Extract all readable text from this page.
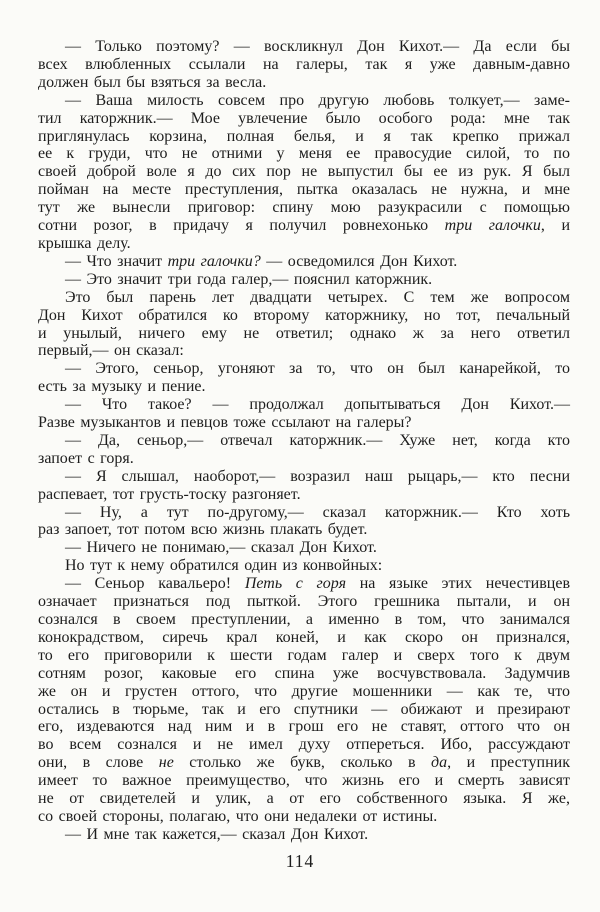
— Только поэтому? — воскликнул Дон Кихот.— Да если бы
всех влюбленных ссылали на галеры, так я уже давным-давно
должен был бы взяться за весла.
— Ваша милость совсем про другую любовь толкует,— заме-
тил каторжник.— Мое увлечение было особого рода: мне так
приглянулась корзина, полная белья, и я так крепко прижал
ее к груди, что не отними у меня ее правосудие силой, то по
своей доброй воле я до сих пор не выпустил бы ее из рук. Я был
пойман на месте преступления, пытка оказалась не нужна, и мне
тут же вынесли приговор: спину мою разукрасили с помощью
сотни розог, в придачу я получил ровнехонько три галочки, и
крышка делу.
— Что значит три галочки? — осведомился Дон Кихот.
— Это значит три года галер,— пояснил каторжник.
Это был парень лет двадцати четырех. С тем же вопросом
Дон Кихот обратился ко второму каторжнику, но тот, печальный
и унылый, ничего ему не ответил; однако ж за него ответил
первый,— он сказал:
— Этого, сеньор, угоняют за то, что он был канарейкой, то
есть за музыку и пение.
— Что такое? — продолжал допытываться Дон Кихот.—
Разве музыкантов и певцов тоже ссылают на галеры?
— Да, сеньор,— отвечал каторжник.— Хуже нет, когда кто
запоет с горя.
— Я слышал, наоборот,— возразил наш рыцарь,— кто песни
распевает, тот грусть-тоску разгоняет.
— Ну, а тут по-другому,— сказал каторжник.— Кто хоть
раз запоет, тот потом всю жизнь плакать будет.
— Ничего не понимаю,— сказал Дон Кихот.
Но тут к нему обратился один из конвойных:
— Сеньор кавальеро! Петь с горя на языке этих нечестивцев
означает признаться под пыткой. Этого грешника пытали, и он
сознался в своем преступлении, а именно в том, что занимался
конокрадством, сиречь крал коней, и как скоро он признался,
то его приговорили к шести годам галер и сверх того к двум
сотням розог, каковые его спина уже восчувствовала. Задумчив
же он и грустен оттого, что другие мошенники — как те, что
остались в тюрьме, так и его спутники — обижают и презирают
его, издеваются над ним и в грош его не ставят, оттого что он
во всем сознался и не имел духу отпереться. Ибо, рассуждают
они, в слове не столько же букв, сколько в да, и преступник
имеет то важное преимущество, что жизнь его и смерть зависят
не от свидетелей и улик, а от его собственного языка. Я же,
со своей стороны, полагаю, что они недалеки от истины.
— И мне так кажется,— сказал Дон Кихот.
114
